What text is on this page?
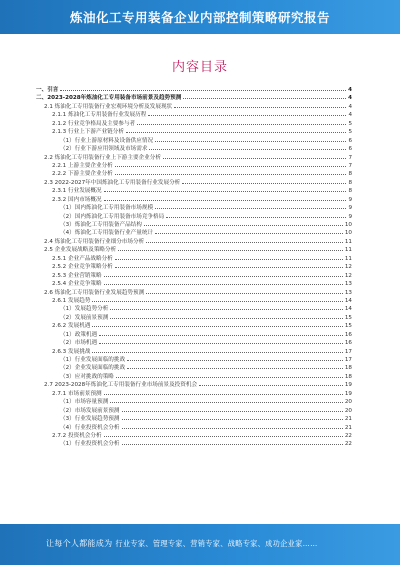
炼油化工专用装备企业内部控制策略研究报告
内容目录
一、引言	4
二、2023-2028年炼油化工专用装备市场前景及趋势预测	4
2.1 炼油化工专用装备行业宏观环境分析及发展现状	4
2.1.1 炼油化工专用装备行业发展历程	4
2.1.2 行业竞争格局及主要参与者	5
2.1.3 行业上下游产业链分析	5
（1）行业上游原材料及设备供应情况	6
（2）行业下游应用领域及市场需求	6
2.2 炼油化工专用装备行业上下游主要企业分析	7
2.2.1 上游主要企业分析	7
2.2.2 下游主要企业分析	8
2.3 2022-2027年中国炼油化工专用装备行业发展分析	8
2.3.1 行业发展概况	8
2.3.2 国内市场概况	9
（1）国内炼油化工专用装备市场规模	9
（2）国内炼油化工专用装备市场竞争格局	9
（3）炼油化工专用装备产品结构	10
（4）炼油化工专用装备行业产量统计	10
2.4 炼油化工专用装备行业细分市场分析	11
2.5 企业发展战略及策略分析	11
2.5.1 企业产品战略分析	11
2.5.2 企业竞争策略分析	12
2.5.3 企业营销策略	12
2.5.4 企业竞争策略	13
2.6 炼油化工专用装备行业发展趋势预测	13
2.6.1 发展趋势	14
（1）发展趋势分析	14
（2）发展前景预测	15
2.6.2 发展机遇	15
（1）政策机遇	16
（2）市场机遇	16
2.6.3 发展挑战	17
（1）行业发展面临的挑战	17
（2）企业发展面临的挑战	18
（3）应对挑战的策略	18
2.7 2023-2028年炼油化工专用装备行业市场前景及投资机会	19
2.7.1 市场前景预测	19
（1）市场容量预测	20
（2）市场发展前景预测	20
（3）行业发展趋势预测	21
（4）行业投资机会分析	21
2.7.2 投资机会分析	22
（1）行业投资机会分析	22
让每个人都能成为 行业专家、管理专家、营销专家、战略专家、成功企业家……
